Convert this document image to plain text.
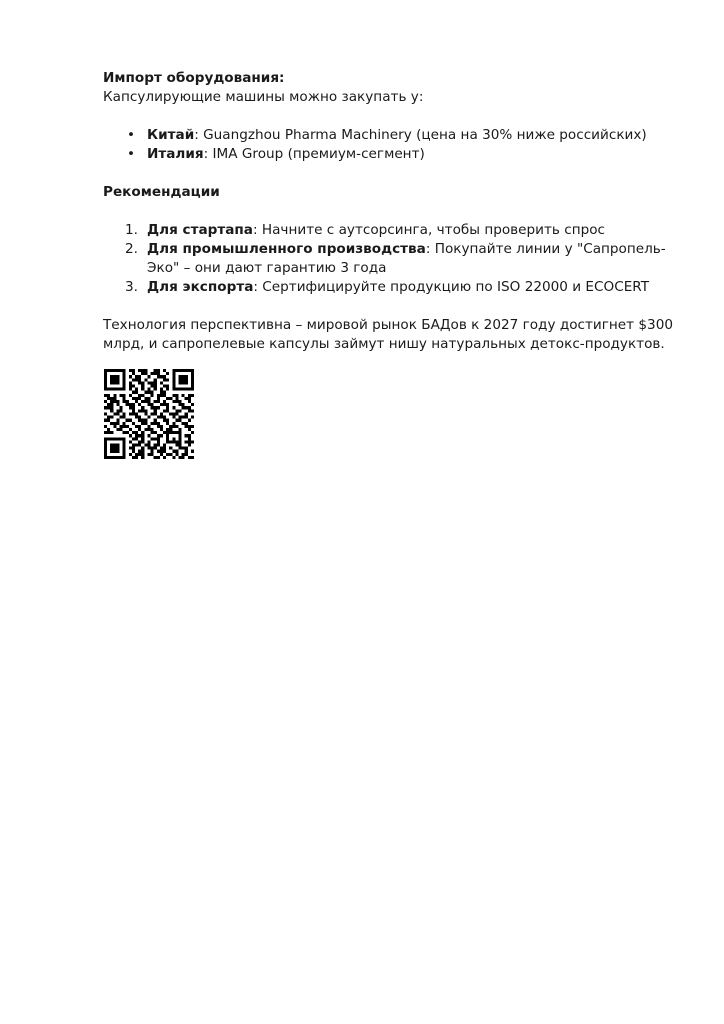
Импорт оборудования:

Капсулирующие машины можно закупать у:

• Китай: Guangzhou Pharma Machinery (цена на 30% ниже российских)
• Италия: IMA Group (премиум-сегмент)

Рекомендации

1. Для стартапа: Начните с аутсорсинга, чтобы проверить спрос
2. Для промышленного производства: Покупайте линии у "Сапропель-Эко" – они дают гарантию 3 года
3. Для экспорта: Сертифицируйте продукцию по ISO 22000 и ECOCERT

Технология перспективна – мировой рынок БАДов к 2027 году достигнет $300 млрд, и сапропелевые капсулы займут нишу натуральных детокс-продуктов.
